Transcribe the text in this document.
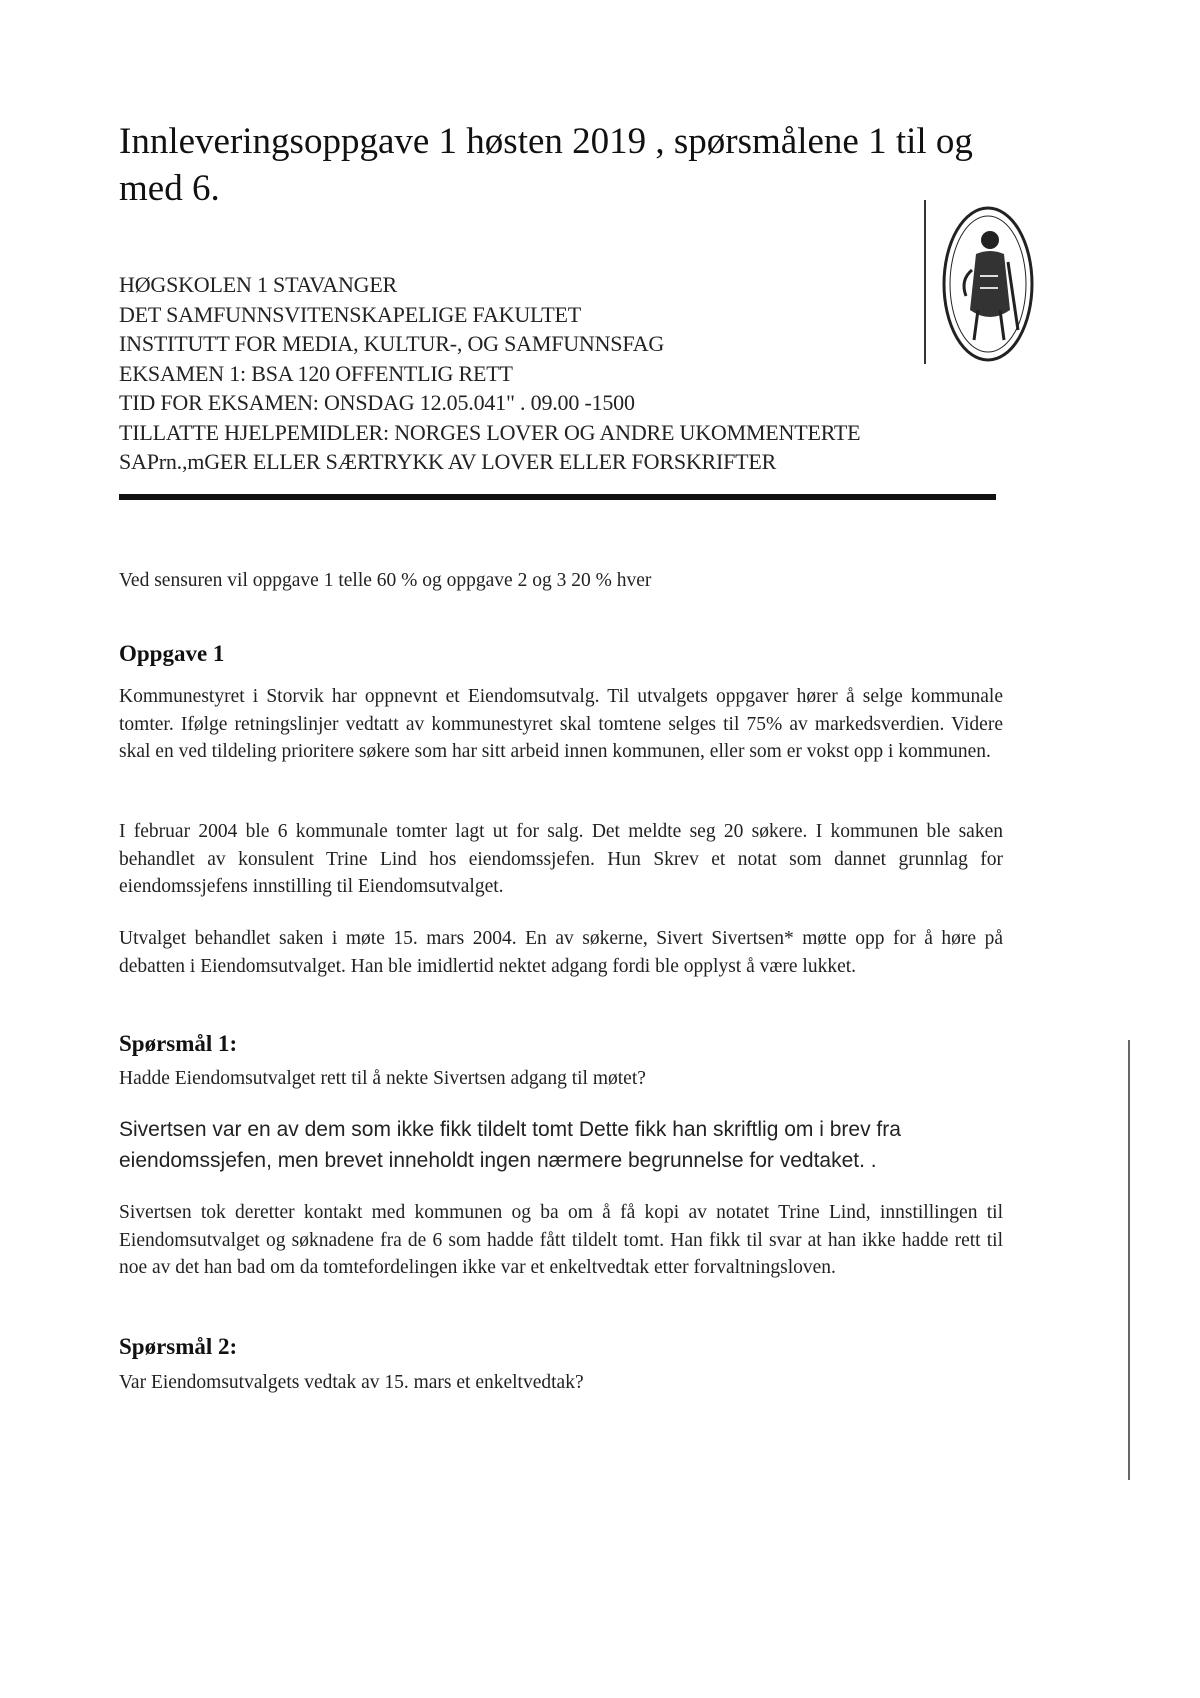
Innleveringsoppgave 1 høsten 2019 , spørsmålene 1 til og med 6.
HØGSKOLEN 1 STAVANGER
DET SAMFUNNSVITENSKAPELIGE FAKULTET
INSTITUTT FOR MEDIA, KULTUR-, OG SAMFUNNSFAG
EKSAMEN 1: BSA 120 OFFENTLIG RETT
TID FOR EKSAMEN: ONSDAG 12.05.041" . 09.00 -1500
TILLATTE HJELPEMIDLER: NORGES LOVER OG ANDRE UKOMMENTERTE
SAPrn.,mGER ELLER SÆRTRYKK AV LOVER ELLER FORSKRIFTER

Ved sensuren vil oppgave 1 telle 60 % og oppgave 2 og 3 20 % hver

Oppgave 1

Kommunestyret i Storvik har oppnevnt et Eiendomsutvalg. Til utvalgets oppgaver hører å selge kommunale tomter. Ifølge retningslinjer vedtatt av kommunestyret skal tomtene selges til 75% av markedsverdien. Videre skal en ved tildeling prioritere søkere som har sitt arbeid innen kommunen, eller som er vokst opp i kommunen.

I februar 2004 ble 6 kommunale tomter lagt ut for salg. Det meldte seg 20 søkere. I kommunen ble saken behandlet av konsulent Trine Lind hos eiendomssjefen. Hun Skrev et notat som dannet grunnlag for eiendomssjefens innstilling til Eiendomsutvalget.

Utvalget behandlet saken i møte 15. mars 2004. En av søkerne, Sivert Sivertsen* møtte opp for å høre på debatten i Eiendomsutvalget. Han ble imidlertid nektet adgang fordi ble opplyst å være lukket.

Spørsmål 1:

Hadde Eiendomsutvalget rett til å nekte Sivertsen adgang til møtet?

Sivertsen var en av dem som ikke fikk tildelt tomt Dette fikk han skriftlig om i brev fra eiendomssjefen, men brevet inneholdt ingen nærmere begrunnelse for vedtaket. .

Sivertsen tok deretter kontakt med kommunen og ba om å få kopi av notatet Trine Lind, innstillingen til Eiendomsutvalget og søknadene fra de 6 som hadde fått tildelt tomt. Han fikk til svar at han ikke hadde rett til noe av det han bad om da tomtefordelingen ikke var et enkeltvedtak etter forvaltningsloven.

Spørsmål 2:

Var Eiendomsutvalgets vedtak av 15. mars et enkeltvedtak?
